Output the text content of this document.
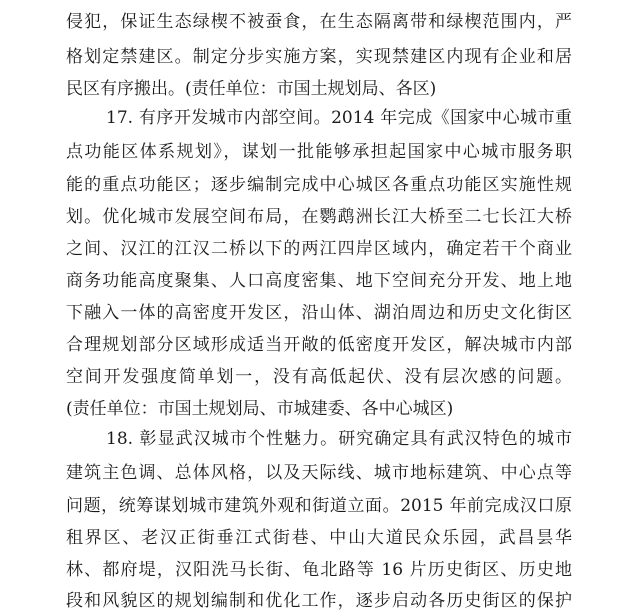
侵犯，保证生态绿楔不被蚕食，在生态隔离带和绿楔范围内，严
格划定禁建区。制定分步实施方案，实现禁建区内现有企业和居
民区有序搬出。(责任单位：市国土规划局、各区)
17. 有序开发城市内部空间。2014 年完成《国家中心城市重
点功能区体系规划》，谋划一批能够承担起国家中心城市服务职
能的重点功能区；逐步编制完成中心城区各重点功能区实施性规
划。优化城市发展空间布局，在鹦鹉洲长江大桥至二七长江大桥
之间、汉江的江汉二桥以下的两江四岸区域内，确定若干个商业
商务功能高度聚集、人口高度密集、地下空间充分开发、地上地
下融入一体的高密度开发区，沿山体、湖泊周边和历史文化街区
合理规划部分区域形成适当开敞的低密度开发区，解决城市内部
空间开发强度简单划一，没有高低起伏、没有层次感的问题。
(责任单位：市国土规划局、市城建委、各中心城区)
18. 彰显武汉城市个性魅力。研究确定具有武汉特色的城市
建筑主色调、总体风格，以及天际线、城市地标建筑、中心点等
问题，统筹谋划城市建筑外观和街道立面。2015 年前完成汉口原
租界区、老汉正街垂江式街巷、中山大道民众乐园，武昌昙华
林、都府堤，汉阳洗马长街、龟北路等 16 片历史街区、历史地
段和风貌区的规划编制和优化工作，逐步启动各历史街区的保护
